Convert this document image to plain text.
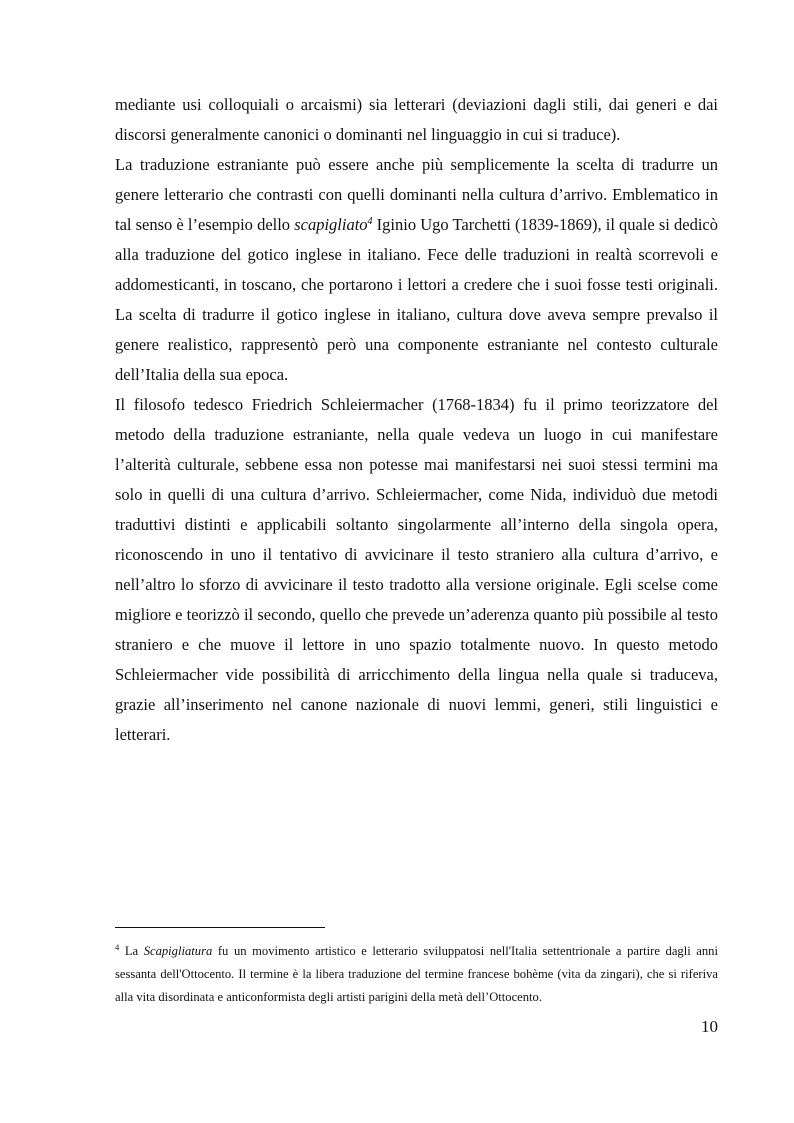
mediante usi colloquiali o arcaismi) sia letterari (deviazioni dagli stili, dai generi e dai discorsi generalmente canonici o dominanti nel linguaggio in cui si traduce).

La traduzione estraniante può essere anche più semplicemente la scelta di tradurre un genere letterario che contrasti con quelli dominanti nella cultura d’arrivo. Emblematico in tal senso è l’esempio dello scapigliato$^4$ Iginio Ugo Tarchetti (1839-1869), il quale si dedicò alla traduzione del gotico inglese in italiano. Fece delle traduzioni in realtà scorrevoli e addomesticanti, in toscano, che portarono i lettori a credere che i suoi fosse testi originali. La scelta di tradurre il gotico inglese in italiano, cultura dove aveva sempre prevalso il genere realistico, rappresentò però una componente estraniante nel contesto culturale dell’Italia della sua epoca.

Il filosofo tedesco Friedrich Schleiermacher (1768-1834) fu il primo teorizzatore del metodo della traduzione estraniante, nella quale vedeva un luogo in cui manifestare l’alterità culturale, sebbene essa non potesse mai manifestarsi nei suoi stessi termini ma solo in quelli di una cultura d’arrivo. Schleiermacher, come Nida, individuò due metodi traduttivi distinti e applicabili soltanto singolarmente all’interno della singola opera, riconoscendo in uno il tentativo di avvicinare il testo straniero alla cultura d’arrivo, e nell’altro lo sforzo di avvicinare il testo tradotto alla versione originale. Egli scelse come migliore e teorizzò il secondo, quello che prevede un’aderenza quanto più possibile al testo straniero e che muove il lettore in uno spazio totalmente nuovo. In questo metodo Schleiermacher vide possibilità di arricchimento della lingua nella quale si traduceva, grazie all’inserimento nel canone nazionale di nuovi lemmi, generi, stili linguistici e letterari.

$^4$ La Scapigliatura fu un movimento artistico e letterario sviluppatosi nell'Italia settentrionale a partire dagli anni sessanta dell'Ottocento. Il termine è la libera traduzione del termine francese bohème (vita da zingari), che si riferiva alla vita disordinata e anticonformista degli artisti parigini della metà dell’Ottocento.

10
